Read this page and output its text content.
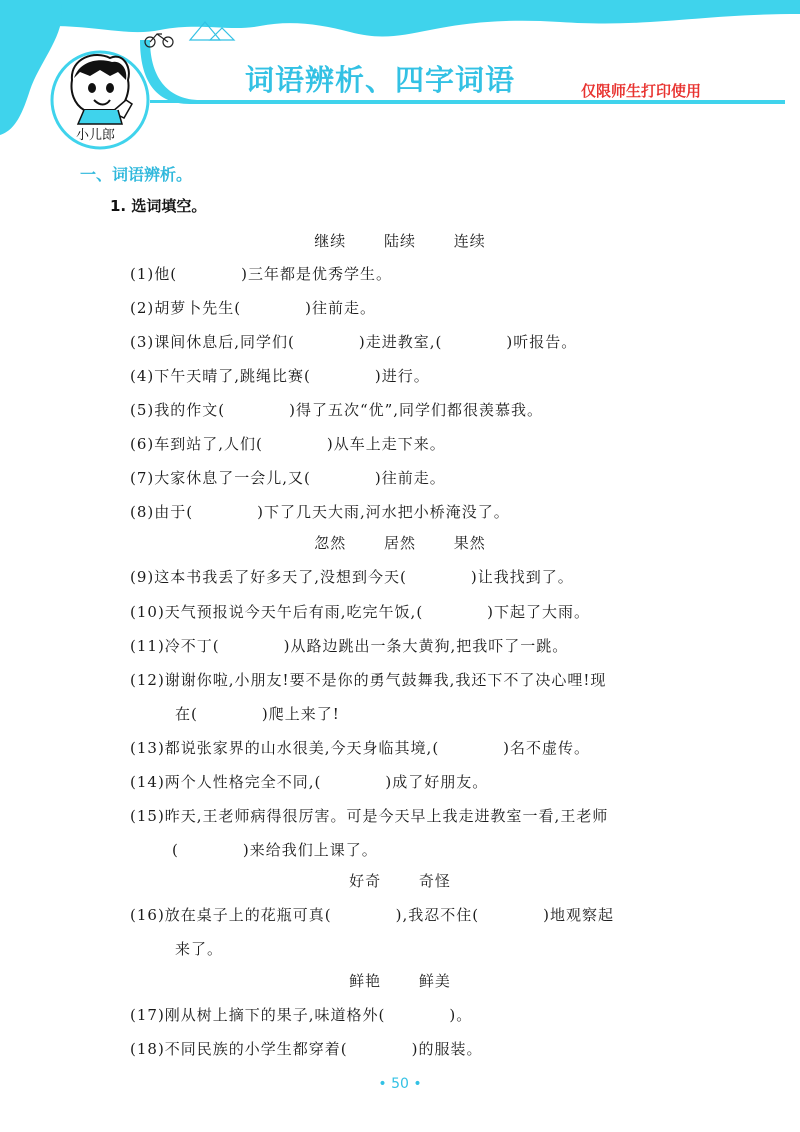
词语辨析、四字词语	仅限师生打印使用
小儿郎
一、词语辨析。
1. 选词填空。
继续	陆续	连续
(1)他(　　　　)三年都是优秀学生。
(2)胡萝卜先生(　　　　)往前走。
(3)课间休息后,同学们(　　　　)走进教室,(　　　　)听报告。
(4)下午天晴了,跳绳比赛(　　　　)进行。
(5)我的作文(　　　　)得了五次“优”,同学们都很羡慕我。
(6)车到站了,人们(　　　　)从车上走下来。
(7)大家休息了一会儿,又(　　　　)往前走。
(8)由于(　　　　)下了几天大雨,河水把小桥淹没了。
忽然	居然	果然
(9)这本书我丢了好多天了,没想到今天(　　　　)让我找到了。
(10)天气预报说今天午后有雨,吃完午饭,(　　　　)下起了大雨。
(11)冷不丁(　　　　)从路边跳出一条大黄狗,把我吓了一跳。
(12)谢谢你啦,小朋友!要不是你的勇气鼓舞我,我还下不了决心哩!现
在(　　　　)爬上来了!
(13)都说张家界的山水很美,今天身临其境,(　　　　)名不虚传。
(14)两个人性格完全不同,(　　　　)成了好朋友。
(15)昨天,王老师病得很厉害。可是今天早上我走进教室一看,王老师
(　　　　)来给我们上课了。
好奇	奇怪
(16)放在桌子上的花瓶可真(　　　　),我忍不住(　　　　)地观察起
来了。
鲜艳	鲜美
(17)刚从树上摘下的果子,味道格外(　　　　)。
(18)不同民族的小学生都穿着(　　　　)的服装。
• 50 •
